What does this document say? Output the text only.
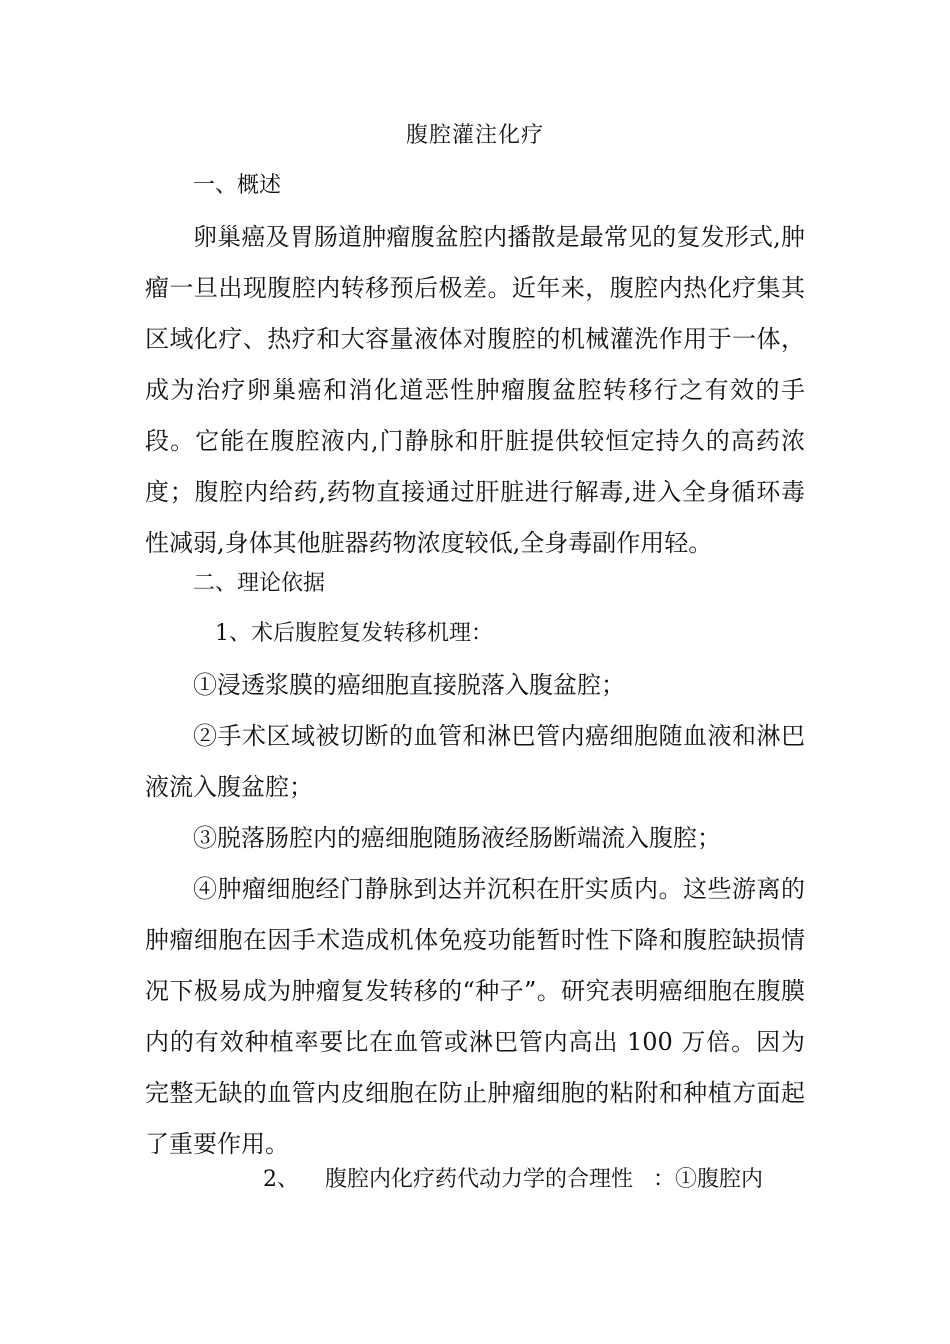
腹腔灌注化疗

一、概述

卵巢癌及胃肠道肿瘤腹盆腔内播散是最常见的复发形式,肿瘤一旦出现腹腔内转移预后极差。近年来，腹腔内热化疗集其区域化疗、热疗和大容量液体对腹腔的机械灌洗作用于一体，成为治疗卵巢癌和消化道恶性肿瘤腹盆腔转移行之有效的手段。它能在腹腔液内,门静脉和肝脏提供较恒定持久的高药浓度；腹腔内给药,药物直接通过肝脏进行解毒,进入全身循环毒性减弱,身体其他脏器药物浓度较低,全身毒副作用轻。

二、理论依据

1、术后腹腔复发转移机理：

①浸透浆膜的癌细胞直接脱落入腹盆腔；

②手术区域被切断的血管和淋巴管内癌细胞随血液和淋巴液流入腹盆腔；

③脱落肠腔内的癌细胞随肠液经肠断端流入腹腔；

④肿瘤细胞经门静脉到达并沉积在肝实质内。这些游离的肿瘤细胞在因手术造成机体免疫功能暂时性下降和腹腔缺损情况下极易成为肿瘤复发转移的“种子”。研究表明癌细胞在腹膜内的有效种植率要比在血管或淋巴管内高出 100 万倍。因为完整无缺的血管内皮细胞在防止肿瘤细胞的粘附和种植方面起了重要作用。

2、 腹腔内化疗药代动力学的合理性 ：①腹腔内
